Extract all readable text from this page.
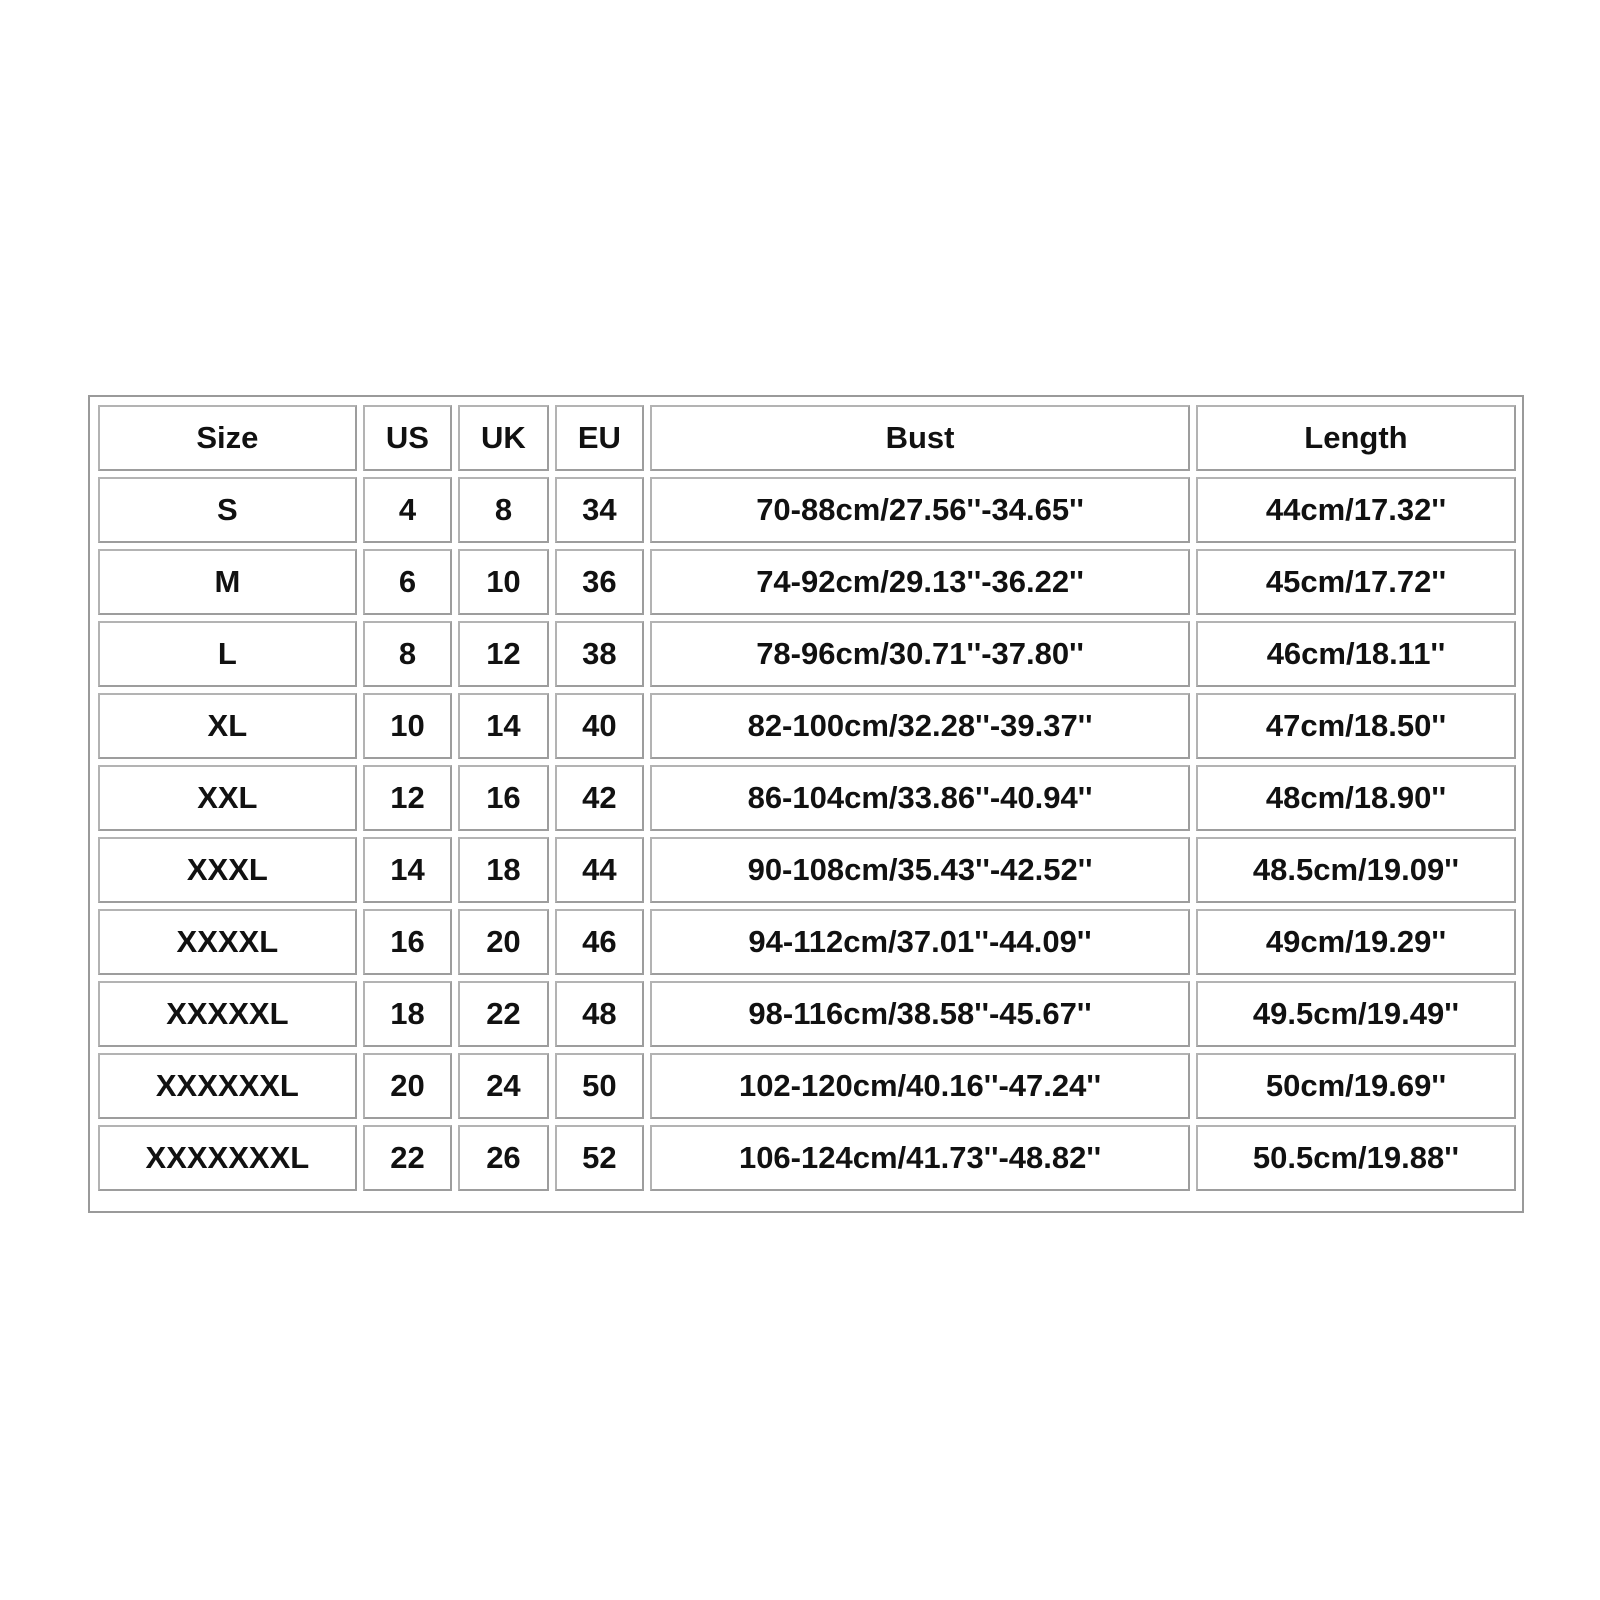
Size	US	UK	EU	Bust	Length
S	4	8	34	70-88cm/27.56''-34.65''	44cm/17.32''
M	6	10	36	74-92cm/29.13''-36.22''	45cm/17.72''
L	8	12	38	78-96cm/30.71''-37.80''	46cm/18.11''
XL	10	14	40	82-100cm/32.28''-39.37''	47cm/18.50''
XXL	12	16	42	86-104cm/33.86''-40.94''	48cm/18.90''
XXXL	14	18	44	90-108cm/35.43''-42.52''	48.5cm/19.09''
XXXXL	16	20	46	94-112cm/37.01''-44.09''	49cm/19.29''
XXXXXL	18	22	48	98-116cm/38.58''-45.67''	49.5cm/19.49''
XXXXXXL	20	24	50	102-120cm/40.16''-47.24''	50cm/19.69''
XXXXXXXL	22	26	52	106-124cm/41.73''-48.82''	50.5cm/19.88''
